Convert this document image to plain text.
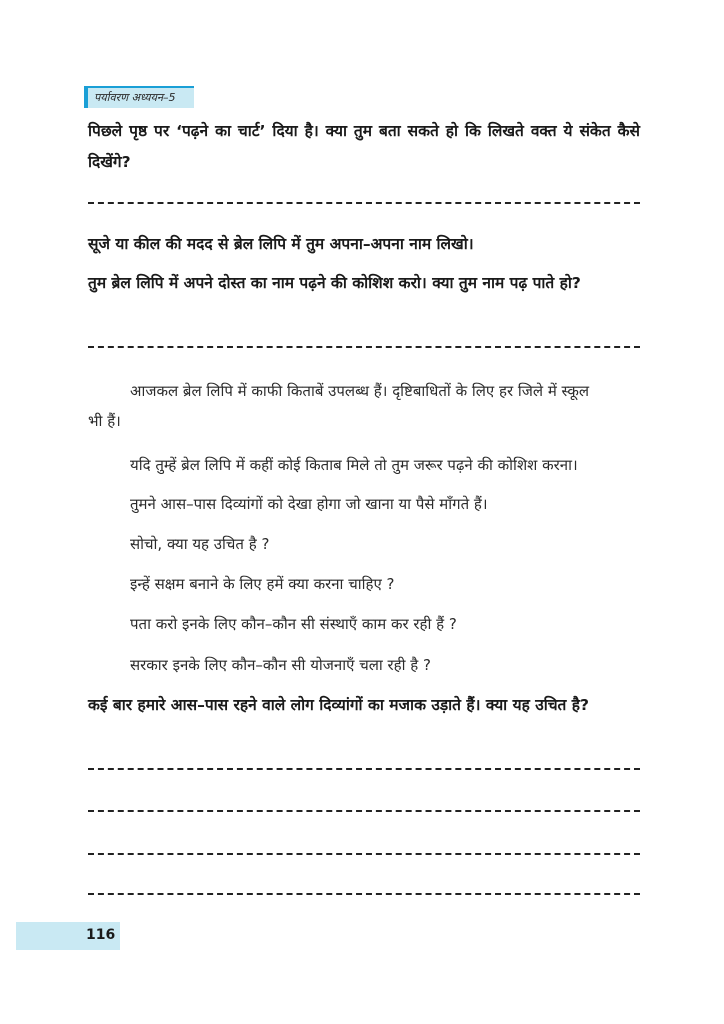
पर्यावरण अध्ययन–5

पिछले पृष्ठ पर ‘पढ़ने का चार्ट’ दिया है। क्या तुम बता सकते हो कि लिखते वक्त ये संकेत कैसे दिखेंगे?

सूजे या कील की मदद से ब्रेल लिपि में तुम अपना–अपना नाम लिखो।

तुम ब्रेल लिपि में अपने दोस्त का नाम पढ़ने की कोशिश करो। क्या तुम नाम पढ़ पाते हो?

आजकल ब्रेल लिपि में काफी किताबें उपलब्ध हैं। दृष्टिबाधितों के लिए हर जिले में स्कूल

भी हैं।

यदि तुम्हें ब्रेल लिपि में कहीं कोई किताब मिले तो तुम जरूर पढ़ने की कोशिश करना।

तुमने आस–पास दिव्यांगों को देखा होगा जो खाना या पैसे माँगते हैं।

सोचो, क्या यह उचित है ?

इन्हें सक्षम बनाने के लिए हमें क्या करना चाहिए ?

पता करो इनके लिए कौन–कौन सी संस्थाएँ काम कर रही हैं ?

सरकार इनके लिए कौन–कौन सी योजनाएँ चला रही है ?

कई बार हमारे आस–पास रहने वाले लोग दिव्यांगों का मजाक उड़ाते हैं। क्या यह उचित है?

116
